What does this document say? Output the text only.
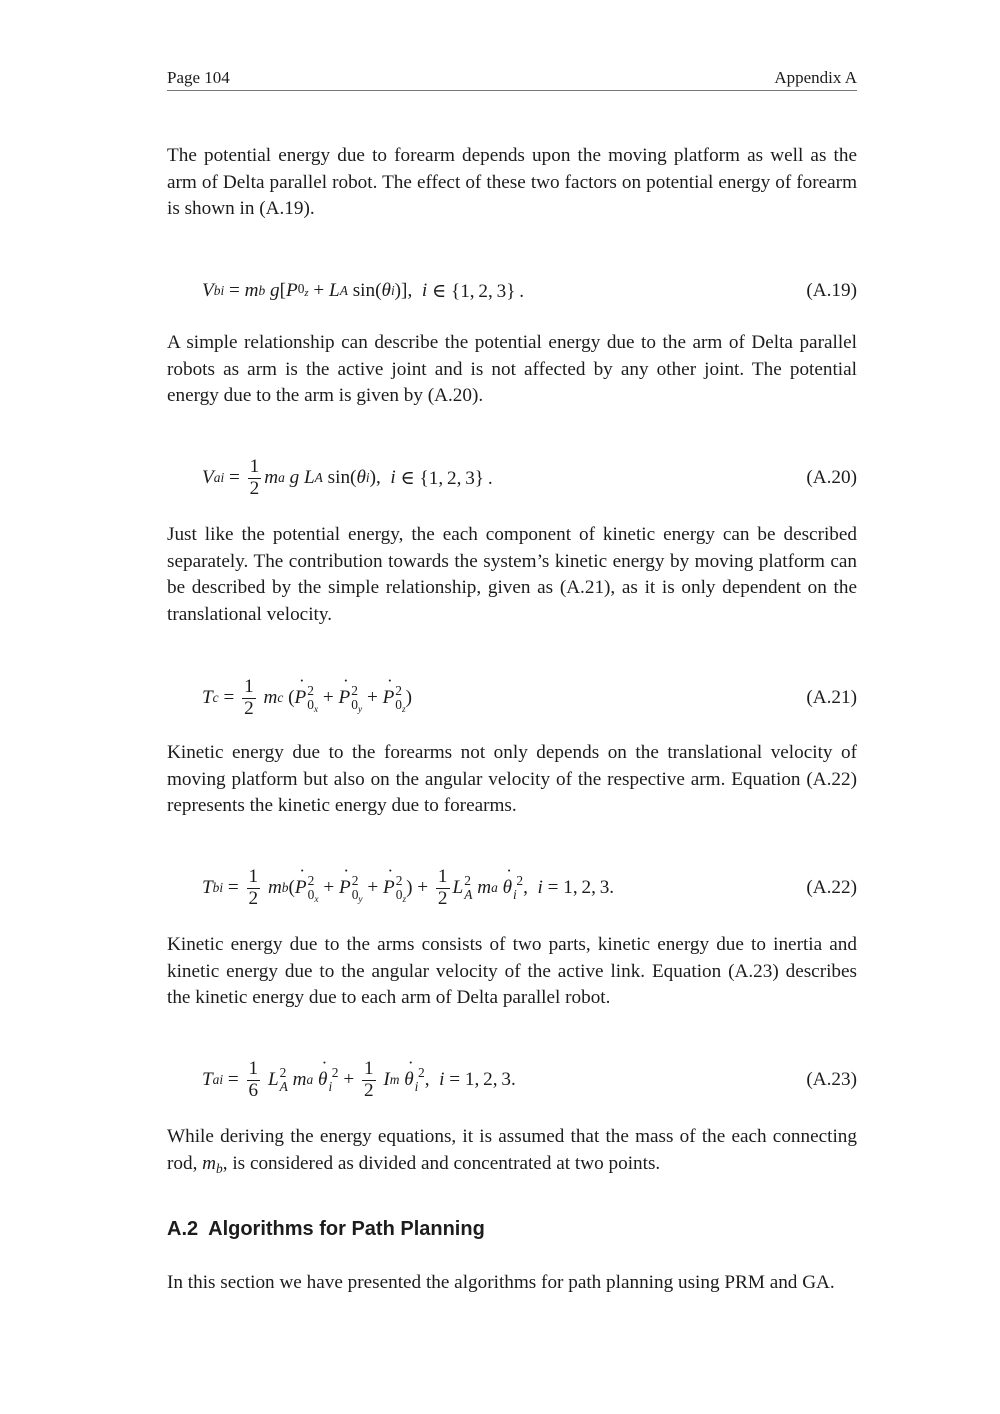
Page 104	Appendix A

The potential energy due to forearm depends upon the moving platform as well as the arm of Delta parallel robot. The effect of these two factors on potential energy of forearm is shown in (A.19).

V bi = m b
g [ P $0_z + L$ A sin( θ i )], i ∈ {1, 2, 3} .	(A.19)

A simple relationship can describe the potential energy due to the arm of Delta parallel robots as arm is the active joint and is not affected by any other joint. The potential energy due to the arm is given by (A.20).

V ai = $\frac{1}{2}$ m a
g
L A sin( θ i ), i ∈ {1, 2, 3} .	(A.20)

Just like the potential energy, the each component of kinetic energy can be described separately. The contribution towards the system’s kinetic energy by moving platform can be described by the simple relationship, given as (A.21), as it is only dependent on the translational velocity.

T $c = \frac{1}{2}$
m c ( ˙ P 2
$0_x$
+ ˙ P 2
$0_y$
+ ˙ P 2
$0_z$
)	(A.21)

Kinetic energy due to the forearms not only depends on the translational velocity of moving platform but also on the angular velocity of the respective arm. Equation (A.22) represents the kinetic energy due to forearms.

T bi = $\frac{1}{2}$
m b ( ˙ P 2
$0_x$
+ ˙ P 2
$0_y$
+ ˙ P 2
$0_z$
) + $\frac{1}{2}$ L 2
A
m a
˙ θ 2
i , i = 1, 2, 3.	(A.22)

Kinetic energy due to the arms consists of two parts, kinetic energy due to inertia and kinetic energy due to the angular velocity of the active link. Equation (A.23) describes the kinetic energy due to each arm of Delta parallel robot.

T ai = $\frac{1}{6}$
L 2
A
m a
˙ θ 2
$i + \frac{1}{2}$
I m
˙ θ 2
i , i = 1, 2, 3.	(A.23)

While deriving the energy equations, it is assumed that the mass of the each connecting rod, $m_b$, is considered as divided and concentrated at two points.

A.2 Algorithms for Path Planning

In this section we have presented the algorithms for path planning using PRM and GA.
